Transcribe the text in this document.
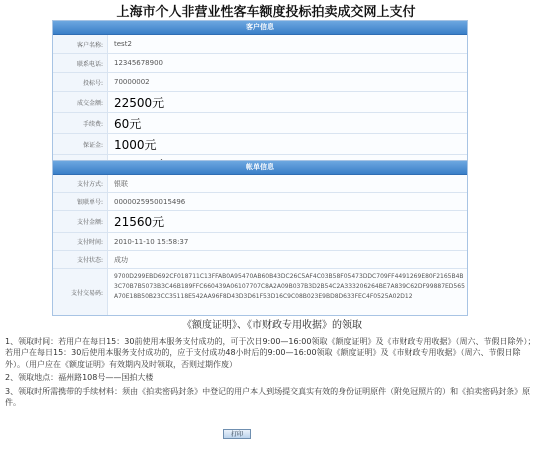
上海市个人非营业性客车额度投标拍卖成交网上支付
客户信息
客户名称:	test2
联系电话:	12345678900
投标号:	70000002
成交金额: 22500元
手续费: 60元
保证金: 1000元
帐单信息
支付方式:	银联
银联单号:	0000025950015496
支付金额: 21560元
支付时间:	2010-11-10 15:58:37
支付状态:	成功
支付交易码:
9700D299EBD692CF018711C13FFAB0A95470AB60B43DC26C5AF4C03B58F05473DDC709FF4491269E80F2165B4B3C70B7B5073B3C46B189FFC660439A06107707C8A2A09B037B3D2B54C2A333206264BE7A839C62DF99887ED565A70E18B50B23CC35118E542AA96F8D43D3D61F53D16C9C08B023E9BD8D633FEC4F0525A02D12
《额度证明》、《市财政专用收据》的领取

1、领取时间：若用户在每日15：30前使用本服务支付成功的，可于次日9:00—16:00领取《额度证明》及《市财政专用收据》（周六、节假日除外）；若用户在每日15：30后使用本服务支付成功的，应于支付成功48小时后的9:00—16:00领取《额度证明》及《市财政专用收据》（周六、节假日除外）。（用户应在《额度证明》有效期内及时领取，否则过期作废）

2、领取地点：福州路108号——国拍大楼

3、领取时所需携带的手续材料：须由《拍卖密码封条》中登记的用户本人到场提交真实有效的身份证明原件（附免冠照片的）和《拍卖密码封条》原件。

打印
